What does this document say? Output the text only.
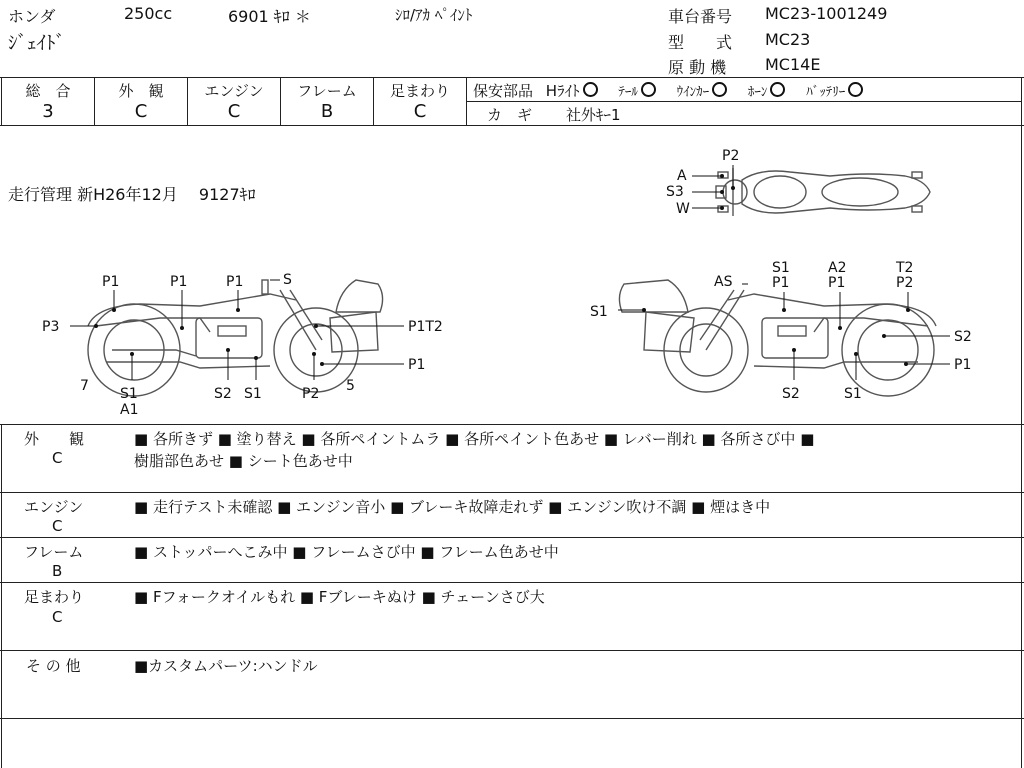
ホンダ	250cc	6901 ｷﾛ ＊	ｼﾛ/ｱｶ ﾍﾟｲﾝﾄ
ｼﾞｪｲﾄﾞ
車台番号 MC23-1001249
型　　式 MC23
原 動 機 MC14E
総　合
3
外　観
C
エンジン
C
フレーム
B
足まわり
C
保安部品 Hﾗｲﾄ	ﾃｰﾙ	ｳｲﾝｶｰ	ﾎｰﾝ	ﾊﾞｯﾃﾘｰ
カ　ギ 社外ｷｰ1
走行管理 新H26年12月　 9127ｷﾛ
P2
A
S3
W
P1	P1	P1	S
P3	P1T2
P1
7 S1
A1
S2 S1	P2 5
S1
A2	T2
AS	P1	P1	P2
S1
S2
P1
S2	S1
外　　観
C
■ 各所きず ■ 塗り替え ■ 各所ペイントムラ ■ 各所ペイント色あせ ■ レバー削れ ■ 各所さび中 ■
樹脂部色あせ ■ シート色あせ中
エンジン
C
■ 走行テスト未確認 ■ エンジン音小 ■ ブレーキ故障走れず ■ エンジン吹け不調 ■ 煙はき中
フレーム
B
■ ストッパーへこみ中 ■ フレームさび中 ■ フレーム色あせ中
足まわり
C
■ Fフォークオイルもれ ■ Fブレーキぬけ ■ チェーンさび大
そ の 他	■カスタムパーツ:ハンドル
